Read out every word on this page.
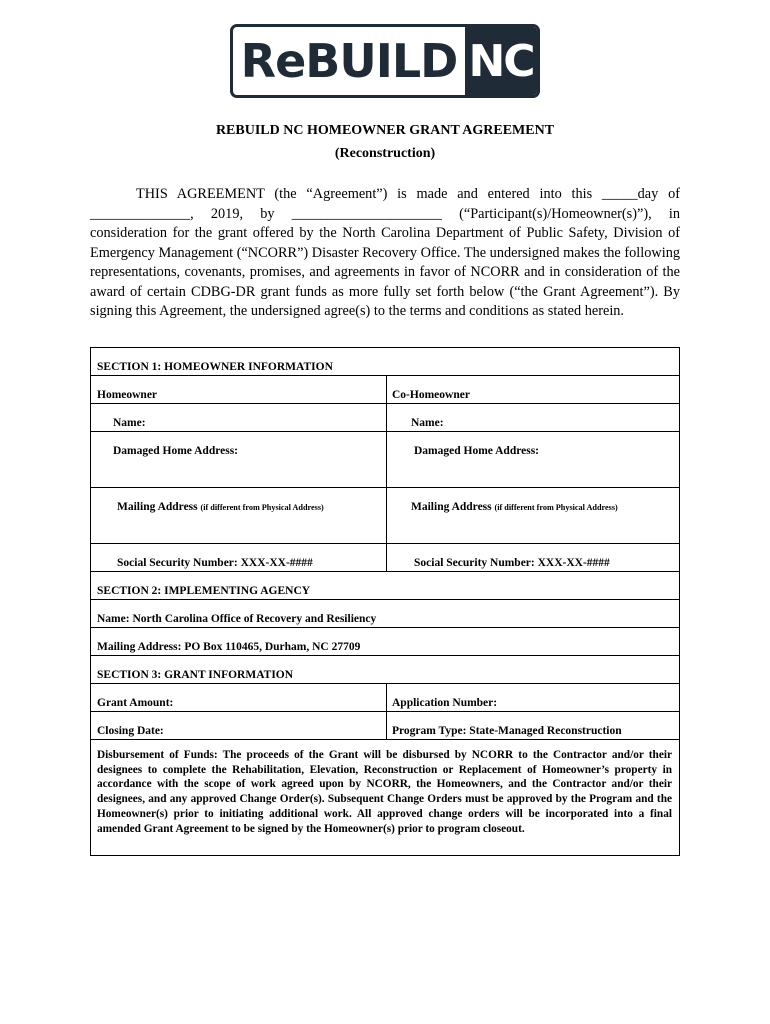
ReBUILD NC
REBUILD NC HOMEOWNER GRANT AGREEMENT
(Reconstruction)

THIS AGREEMENT (the “Agreement”) is made and entered into this _____day of ______________, 2019, by _____________________ (“Participant(s)/Homeowner(s)”), in consideration for the grant offered by the North Carolina Department of Public Safety, Division of Emergency Management (“NCORR”) Disaster Recovery Office. The undersigned makes the following representations, covenants, promises, and agreements in favor of NCORR and in consideration of the award of certain CDBG-DR grant funds as more fully set forth below (“the Grant Agreement”). By signing this Agreement, the undersigned agree(s) to the terms and conditions as stated herein.

SECTION 1: HOMEOWNER INFORMATION
Homeowner	Co-Homeowner
Name:	Name:
Damaged Home Address:	Damaged Home Address:
Mailing Address (if different from Physical Address)	Mailing Address (if different from Physical Address)
Social Security Number: XXX-XX-####	Social Security Number: XXX-XX-####
SECTION 2: IMPLEMENTING AGENCY
Name: North Carolina Office of Recovery and Resiliency
Mailing Address: PO Box 110465, Durham, NC 27709
SECTION 3: GRANT INFORMATION
Grant Amount:	Application Number:
Closing Date:	Program Type: State-Managed Reconstruction
Disbursement of Funds: The proceeds of the Grant will be disbursed by NCORR to the Contractor and/or their designees to complete the Rehabilitation, Elevation, Reconstruction or Replacement of Homeowner’s property in accordance with the scope of work agreed upon by NCORR, the Homeowners, and the Contractor and/or their designees, and any approved Change Order(s). Subsequent Change Orders must be approved by the Program and the Homeowner(s) prior to initiating additional work. All approved change orders will be incorporated into a final amended Grant Agreement to be signed by the Homeowner(s) prior to program closeout.
